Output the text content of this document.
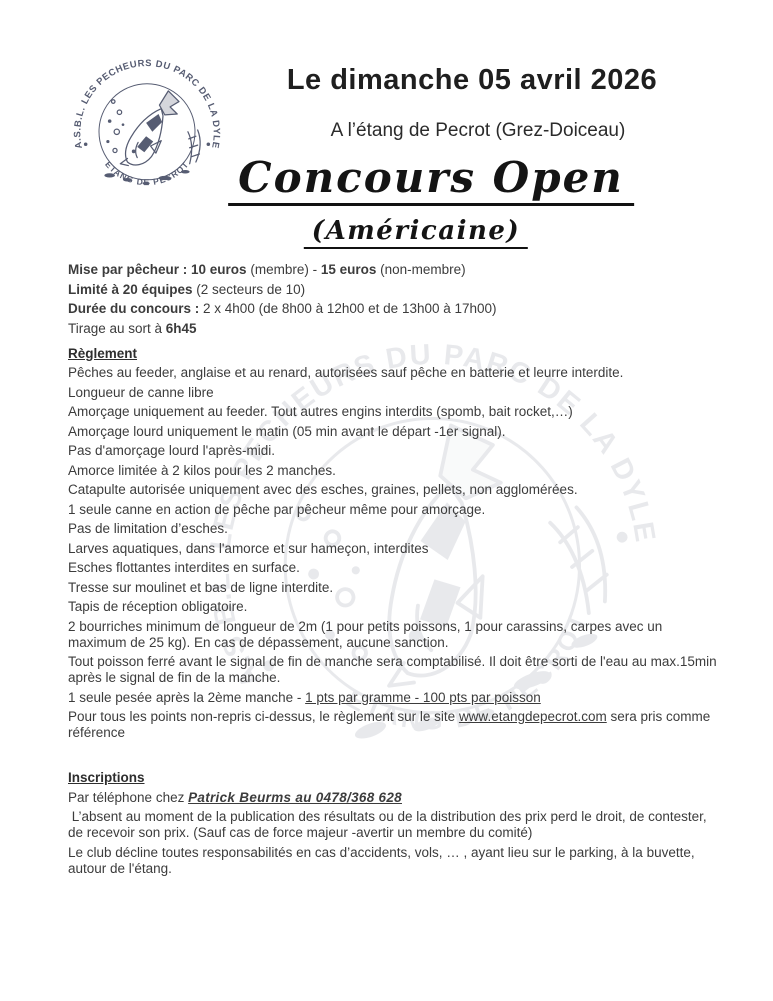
Le dimanche 05 avril 2026
A l’étang de Pecrot (Grez-Doiceau)
Concours Open
(Américaine)

Mise par pêcheur : 10 euros (membre) - 15 euros (non-membre)

Limité à 20 équipes (2 secteurs de 10)

Durée du concours : 2 x 4h00 (de 8h00 à 12h00 et de 13h00 à 17h00)

Tirage au sort à 6h45

Règlement

Pêches au feeder, anglaise et au renard, autorisées sauf pêche en batterie et leurre interdite.

Longueur de canne libre

Amorçage uniquement au feeder. Tout autres engins interdits (spomb, bait rocket,…)

Amorçage lourd uniquement le matin (05 min avant le départ -1er signal).

Pas d'amorçage lourd l'après-midi.

Amorce limitée à 2 kilos pour les 2 manches.

Catapulte autorisée uniquement avec des esches, graines, pellets, non agglomérées.

1 seule canne en action de pêche par pêcheur même pour amorçage.

Pas de limitation d’esches.

Larves aquatiques, dans l'amorce et sur hameçon, interdites

Esches flottantes interdites en surface.

Tresse sur moulinet et bas de ligne interdite.

Tapis de réception obligatoire.

2 bourriches minimum de longueur de 2m (1 pour petits poissons, 1 pour carassins, carpes avec un maximum de 25 kg). En cas de dépassement, aucune sanction.

Tout poisson ferré avant le signal de fin de manche sera comptabilisé. Il doit être sorti de l'eau au max.15min après le signal de fin de la manche.

1 seule pesée après la 2ème manche - 1 pts par gramme - 100 pts par poisson

Pour tous les points non-repris ci-dessus, le règlement sur le site www.etangdepecrot.com sera pris comme référence

Inscriptions

Par téléphone chez Patrick Beurms au 0478/368 628

L’absent au moment de la publication des résultats ou de la distribution des prix perd le droit, de contester, de recevoir son prix. (Sauf cas de force majeur -avertir un membre du comité)

Le club décline toutes responsabilités en cas d’accidents, vols, … , ayant lieu sur le parking, à la buvette, autour de l'étang.
